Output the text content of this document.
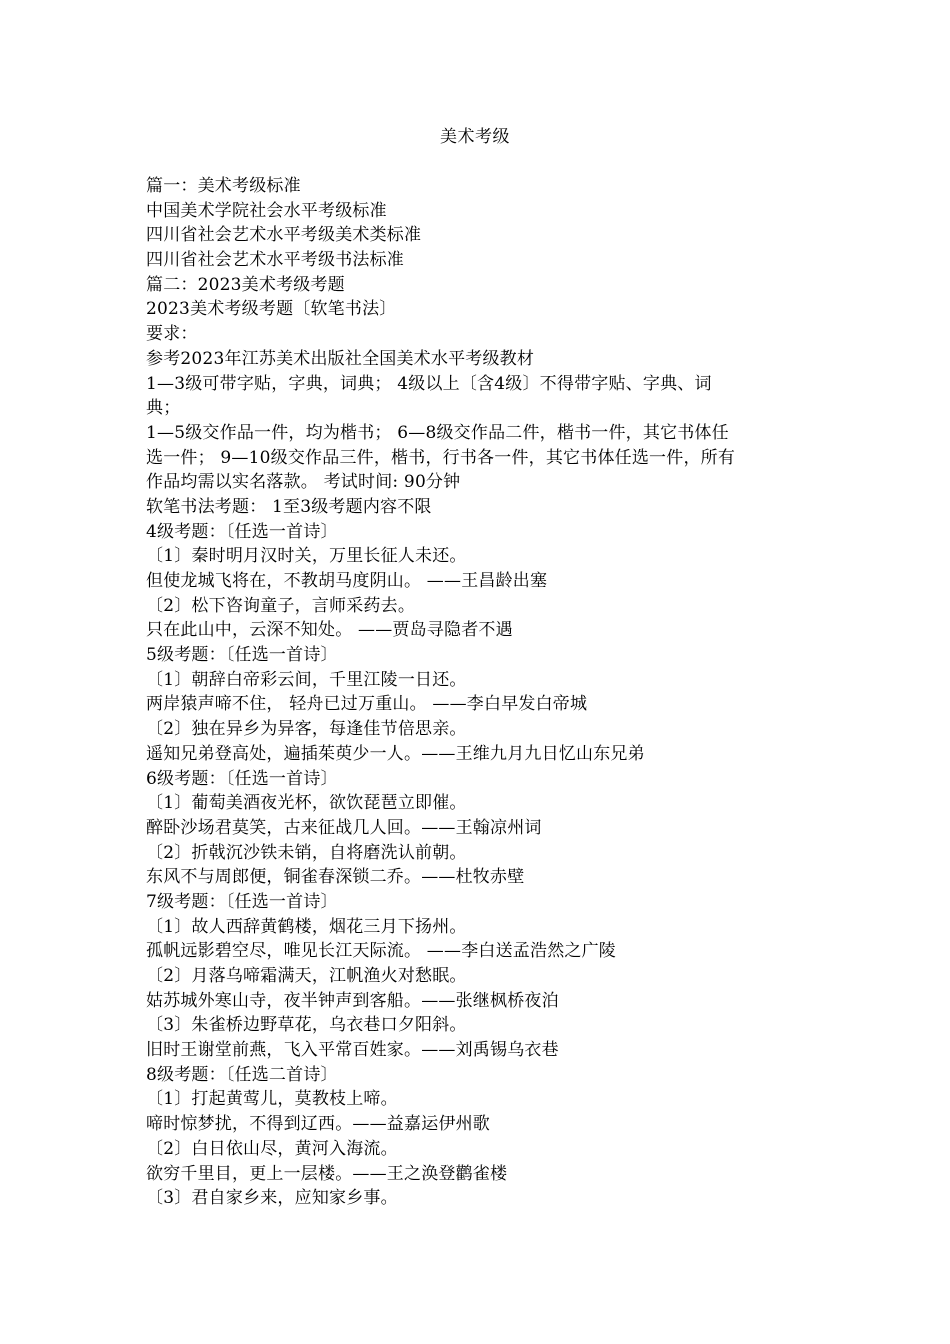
美术考级
篇一：美术考级标准
中国美术学院社会水平考级标准
四川省社会艺术水平考级美术类标准
四川省社会艺术水平考级书法标准
篇二：2023美术考级考题
2023美术考级考题〔软笔书法〕
要求：
参考2023年江苏美术出版社全国美术水平考级教材
1—3级可带字贴，字典，词典； 4级以上〔含4级〕不得带字贴、字典、词
典；
1—5级交作品一件，均为楷书； 6—8级交作品二件，楷书一件，其它书体任
选一件； 9—10级交作品三件，楷书，行书各一件，其它书体任选一件，所有
作品均需以实名落款。 考试时间: 90分钟
软笔书法考题： 1至3级考题内容不限
4级考题：〔任选一首诗〕
〔1〕秦时明月汉时关，万里长征人未还。
但使龙城飞将在，不教胡马度阴山。 ——王昌龄出塞
〔2〕松下咨询童子，言师采药去。
只在此山中，云深不知处。 ——贾岛寻隐者不遇
5级考题：〔任选一首诗〕
〔1〕朝辞白帝彩云间，千里江陵一日还。
两岸猿声啼不住， 轻舟已过万重山。 ——李白早发白帝城
〔2〕独在异乡为异客，每逢佳节倍思亲。
遥知兄弟登高处，遍插茱萸少一人。——王维九月九日忆山东兄弟
6级考题：〔任选一首诗〕
〔1〕葡萄美酒夜光杯，欲饮琵琶立即催。
醉卧沙场君莫笑，古来征战几人回。——王翰凉州词
〔2〕折戟沉沙铁未销，自将磨洗认前朝。
东风不与周郎便，铜雀春深锁二乔。——杜牧赤壁
7级考题：〔任选一首诗〕
〔1〕故人西辞黄鹤楼，烟花三月下扬州。
孤帆远影碧空尽，唯见长江天际流。 ——李白送孟浩然之广陵
〔2〕月落乌啼霜满天，江帆渔火对愁眠。
姑苏城外寒山寺，夜半钟声到客船。——张继枫桥夜泊
〔3〕朱雀桥边野草花，乌衣巷口夕阳斜。
旧时王谢堂前燕，飞入平常百姓家。——刘禹锡乌衣巷
8级考题：〔任选二首诗〕
〔1〕打起黄莺儿，莫教枝上啼。
啼时惊梦扰，不得到辽西。——益嘉运伊州歌
〔2〕白日依山尽，黄河入海流。
欲穷千里目，更上一层楼。——王之涣登鹳雀楼
〔3〕君自家乡来，应知家乡事。
